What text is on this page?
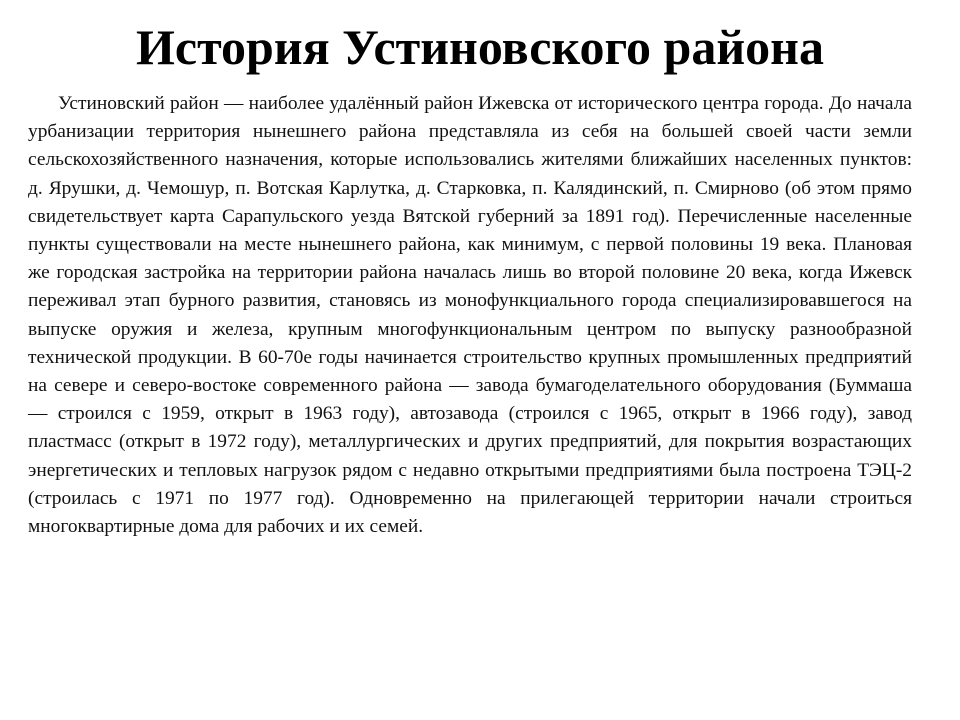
История Устиновского района

Устиновский район — наиболее удалённый район Ижевска от исторического центра города. До начала урбанизации территория нынешнего района представляла из себя на большей своей части земли сельскохозяйственного назначения, которые использовались жителями ближайших населенных пунктов: д. Ярушки, д. Чемошур, п. Вотская Карлутка, д. Старковка, п. Калядинский, п. Смирново (об этом прямо свидетельствует карта Сарапульского уезда Вятской губерний за 1891 год). Перечисленные населенные пункты существовали на месте нынешнего района, как минимум, с первой половины 19 века. Плановая же городская застройка на территории района началась лишь во второй половине 20 века, когда Ижевск переживал этап бурного развития, становясь из монофункциального города специализировавшегося на выпуске оружия и железа, крупным многофункциональным центром по выпуску разнообразной технической продукции. В 60-70е годы начинается строительство крупных промышленных предприятий на севере и северо-востоке современного района — завода бумагоделательного оборудования (Буммаша — строился с 1959, открыт в 1963 году), автозавода (строился с 1965, открыт в 1966 году), завод пластмасс (открыт в 1972 году), металлургических и других предприятий, для покрытия возрастающих энергетических и тепловых нагрузок рядом с недавно открытыми предприятиями была построена ТЭЦ-2 (строилась с 1971 по 1977 год). Одновременно на прилегающей территории начали строиться многоквартирные дома для рабочих и их семей.
